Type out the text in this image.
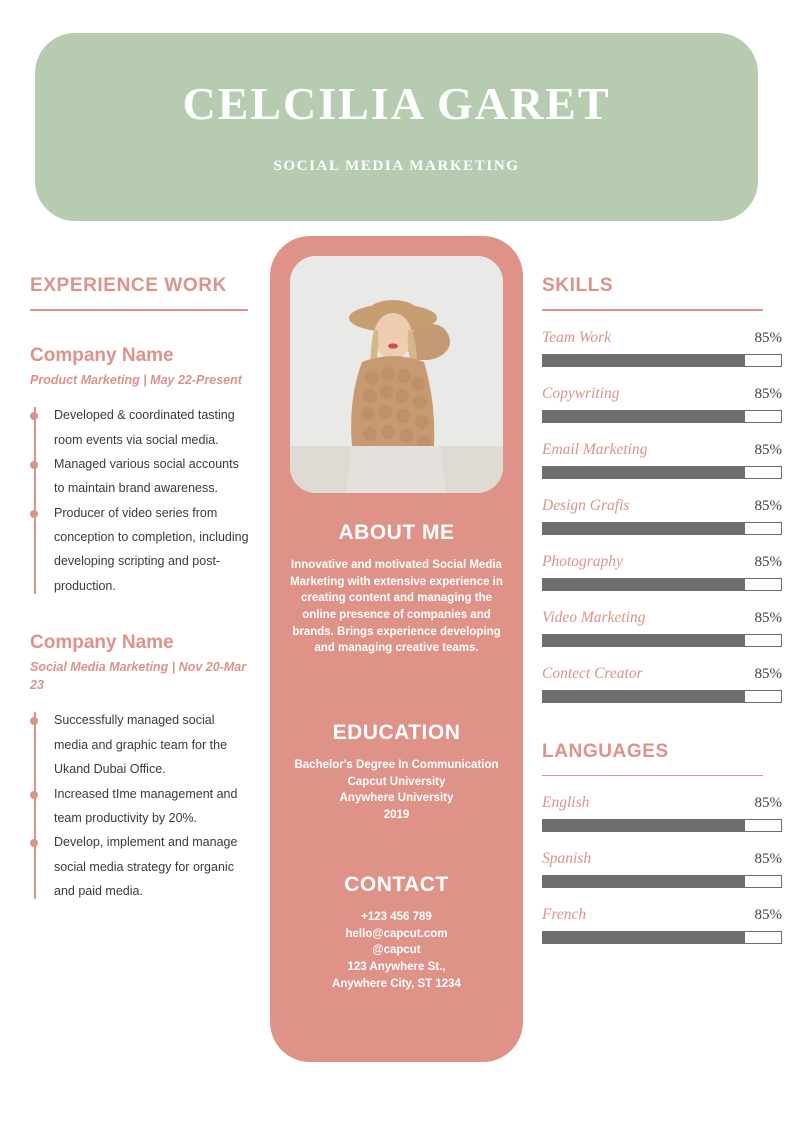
CELCILIA GARET
SOCIAL MEDIA MARKETING
EXPERIENCE WORK
Company Name
Product Marketing | May 22-Present
Developed & coordinated tasting room events via social media.
Managed various social accounts to maintain brand awareness.
Producer of video series from conception to completion, including developing scripting and post-production.
Company Name
Social Media Marketing | Nov 20-Mar 23
Successfully managed social media and graphic team for the Ukand Dubai Office.
Increased tIme management and team productivity by 20%.
Develop, implement and manage social media strategy for organic and paid media.
ABOUT ME
Innovative and motivated Social Media Marketing with extensive experience in creating content and managing the online presence of companies and brands. Brings experience developing and managing creative teams.
EDUCATION
Bachelor's Degree In Communication
Capcut University
Anywhere University
2019
CONTACT
+123 456 789
hello@capcut.com
@capcut
123 Anywhere St.,
Anywhere City, ST 1234
SKILLS
Team Work	85%
Copywriting	85%
Email Marketing	85%
Design Grafis	85%
Photography	85%
Video Marketing	85%
Contect Creator	85%
LANGUAGES
English	85%
Spanish	85%
French	85%
